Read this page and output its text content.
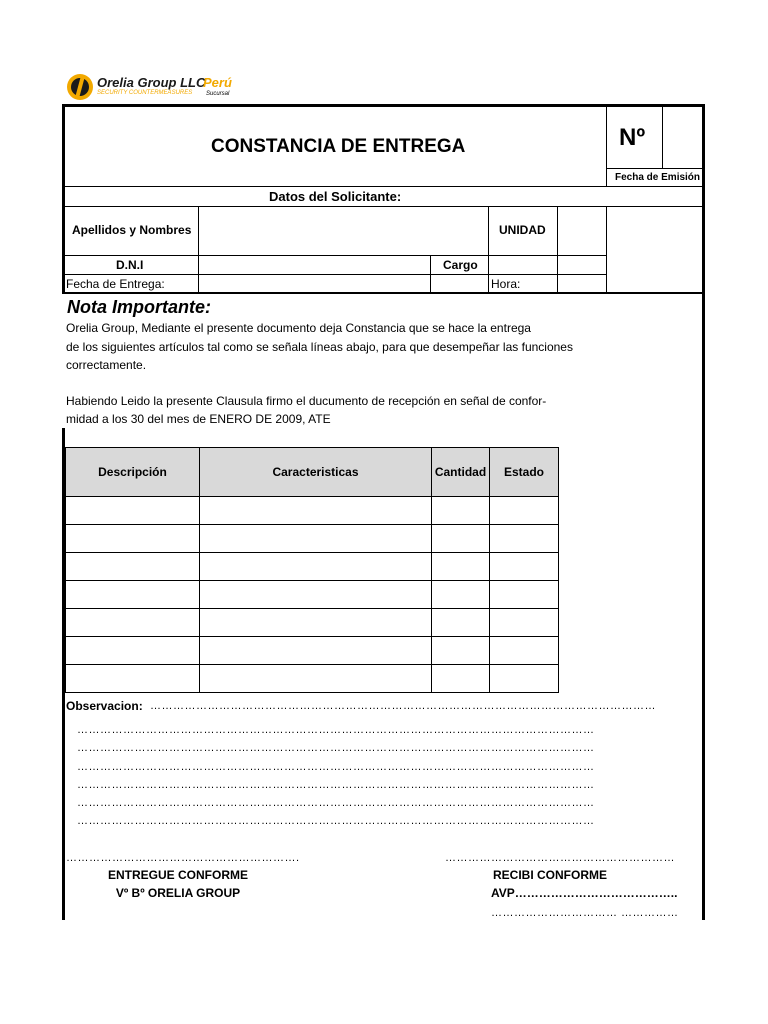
Orelia Group LLC
Perú
SECURITY COUNTERMEASURES Sucursal
CONSTANCIA DE ENTREGA	Nº
Fecha de Emisión
Datos del Solicitante:
Apellidos y Nombres	UNIDAD
D.N.I	Cargo
Fecha de Entrega:	Hora:
Nota Importante:
Orelia Group, Mediante el presente documento deja Constancia que se hace la entrega
de los siguientes artículos tal como se señala líneas abajo, para que desempeñar las funciones
correctamente.
Habiendo Leido la presente Clausula firmo el ducumento de recepción en señal de confor-
midad a los 30 del mes de ENERO DE 2009, ATE
Descripción	Caracteristicas	Cantidad	Estado

Observacion: ……………………………………………………………………………………………………………………
………………………………………………………………………………………………………………………
………………………………………………………………………………………………………………………
………………………………………………………………………………………………………………………
………………………………………………………………………………………………………………………
………………………………………………………………………………………………………………………
………………………………………………………………………………………………………………………
…………………………………………………….
ENTREGUE CONFORME
Vº Bº ORELIA GROUP
……………………………………………………
RECIBI CONFORME
AVP…………………………………..
…………………………… ……………
